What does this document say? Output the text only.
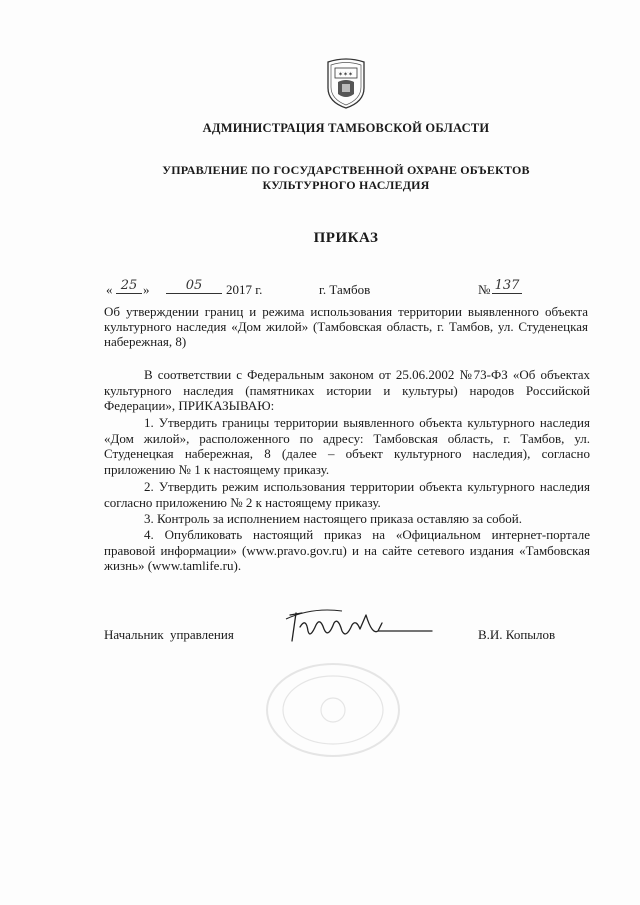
✶✶✶
АДМИНИСТРАЦИЯ ТАМБОВСКОЙ ОБЛАСТИ
УПРАВЛЕНИЕ ПО ГОСУДАРСТВЕННОЙ ОХРАНЕ ОБЪЕКТОВ
КУЛЬТУРНОГО НАСЛЕДИЯ
ПРИКАЗ
« 25 »	05	2017 г.	г. Тамбов	№ 137
Об утверждении границ и режима использования территории выявленного объекта культурного наследия «Дом жилой» (Тамбовская область, г. Тамбов, ул. Студенецкая набережная, 8)
В соответствии с Федеральным законом от 25.06.2002 №73-ФЗ «Об объектах культурного наследия (памятниках истории и культуры) народов Российской Федерации», ПРИКАЗЫВАЮ:
1. Утвердить границы территории выявленного объекта культурного наследия «Дом жилой», расположенного по адресу: Тамбовская область, г. Тамбов, ул. Студенецкая набережная, 8 (далее – объект культурного наследия), согласно приложению № 1 к настоящему приказу.
2. Утвердить режим использования территории объекта культурного наследия согласно приложению № 2 к настоящему приказу.
3. Контроль за исполнением настоящего приказа оставляю за собой.
4. Опубликовать настоящий приказ на «Официальном интернет-портале правовой информации» (www.pravo.gov.ru) и на сайте сетевого издания «Тамбовская жизнь» (www.tamlife.ru).
Начальник управления	В.И. Копылов
